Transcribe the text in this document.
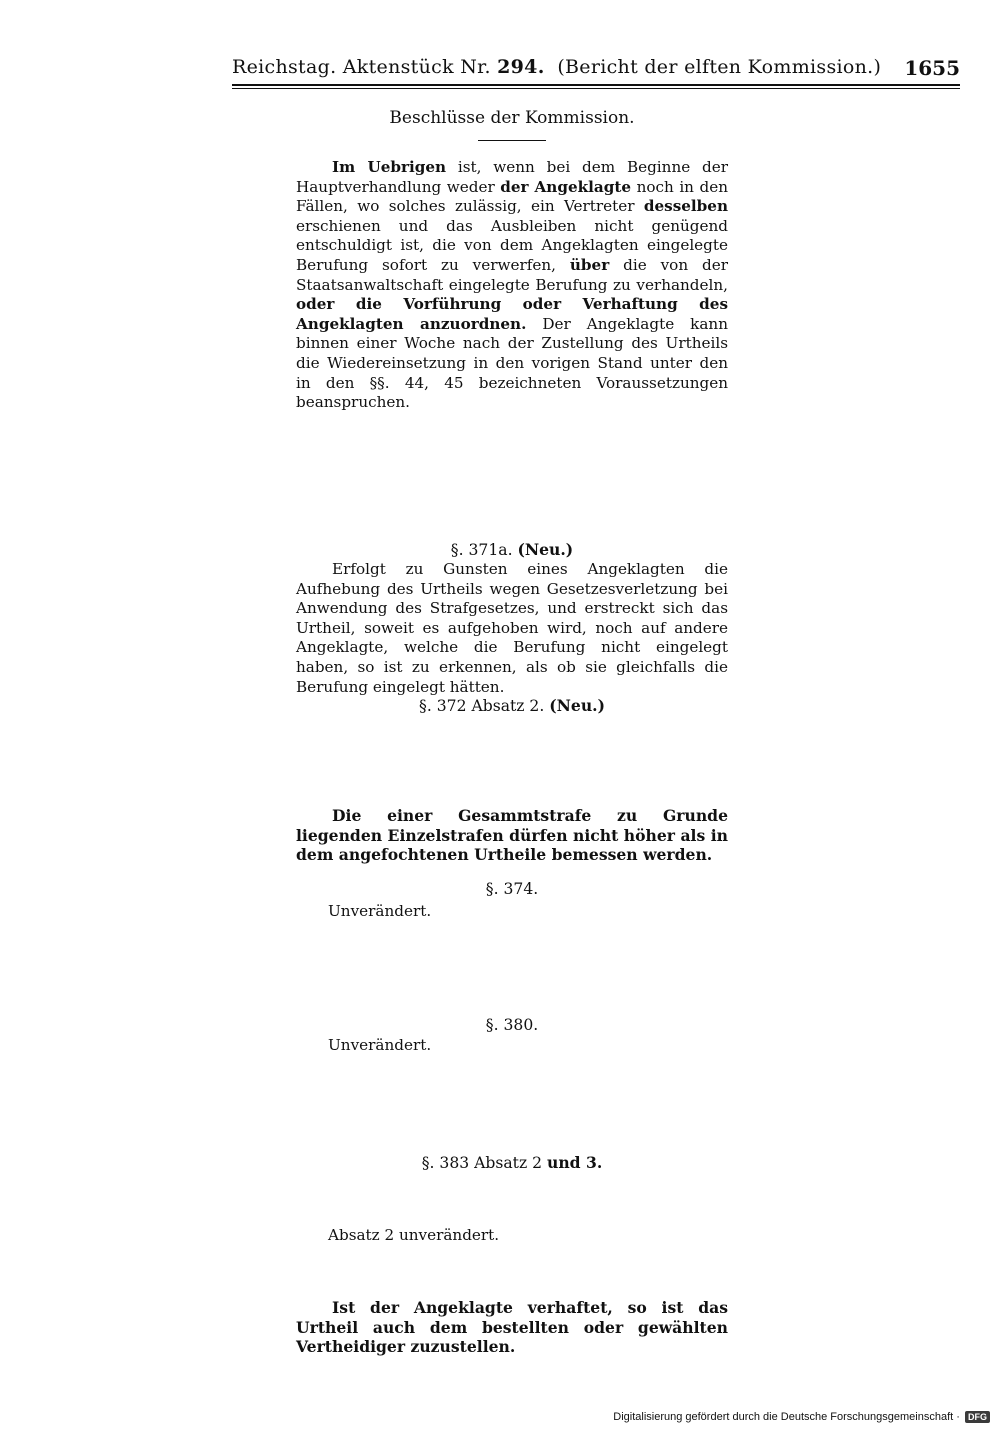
Reichstag. Aktenstück Nr. 294. (Bericht der elften Kommission.) 1655
Beschlüsse der Kommission.
Im Uebrigen ist, wenn bei dem Beginne der Hauptverhandlung weder der Angeklagte noch in den Fällen, wo solches zulässig, ein Vertreter desselben erschienen und das Ausbleiben nicht genügend entschuldigt ist, die von dem Angeklagten eingelegte Berufung sofort zu verwerfen, über die von der Staatsanwaltschaft eingelegte Berufung zu verhandeln, oder die Vorführung oder Verhaftung des Angeklagten anzuordnen. Der Angeklagte kann binnen einer Woche nach der Zustellung des Urtheils die Wiedereinsetzung in den vorigen Stand unter den in den §§. 44, 45 bezeichneten Voraussetzungen beanspruchen.
§. 371a. (Neu.)
Erfolgt zu Gunsten eines Angeklagten die Aufhebung des Urtheils wegen Gesetzesverletzung bei Anwendung des Strafgesetzes, und erstreckt sich das Urtheil, soweit es aufgehoben wird, noch auf andere Angeklagte, welche die Berufung nicht eingelegt haben, so ist zu erkennen, als ob sie gleichfalls die Berufung eingelegt hätten.
§. 372 Absatz 2. (Neu.)
Die einer Gesammtstrafe zu Grunde liegenden Einzelstrafen dürfen nicht höher als in dem angefochtenen Urtheile bemessen werden.
§. 374.
Unverändert.
§. 380.
Unverändert.
§. 383 Absatz 2 und 3.
Absatz 2 unverändert.
Ist der Angeklagte verhaftet, so ist das Urtheil auch dem bestellten oder gewählten Vertheidiger zuzustellen.
Digitalisierung gefördert durch die Deutsche Forschungsgemeinschaft · DFG
